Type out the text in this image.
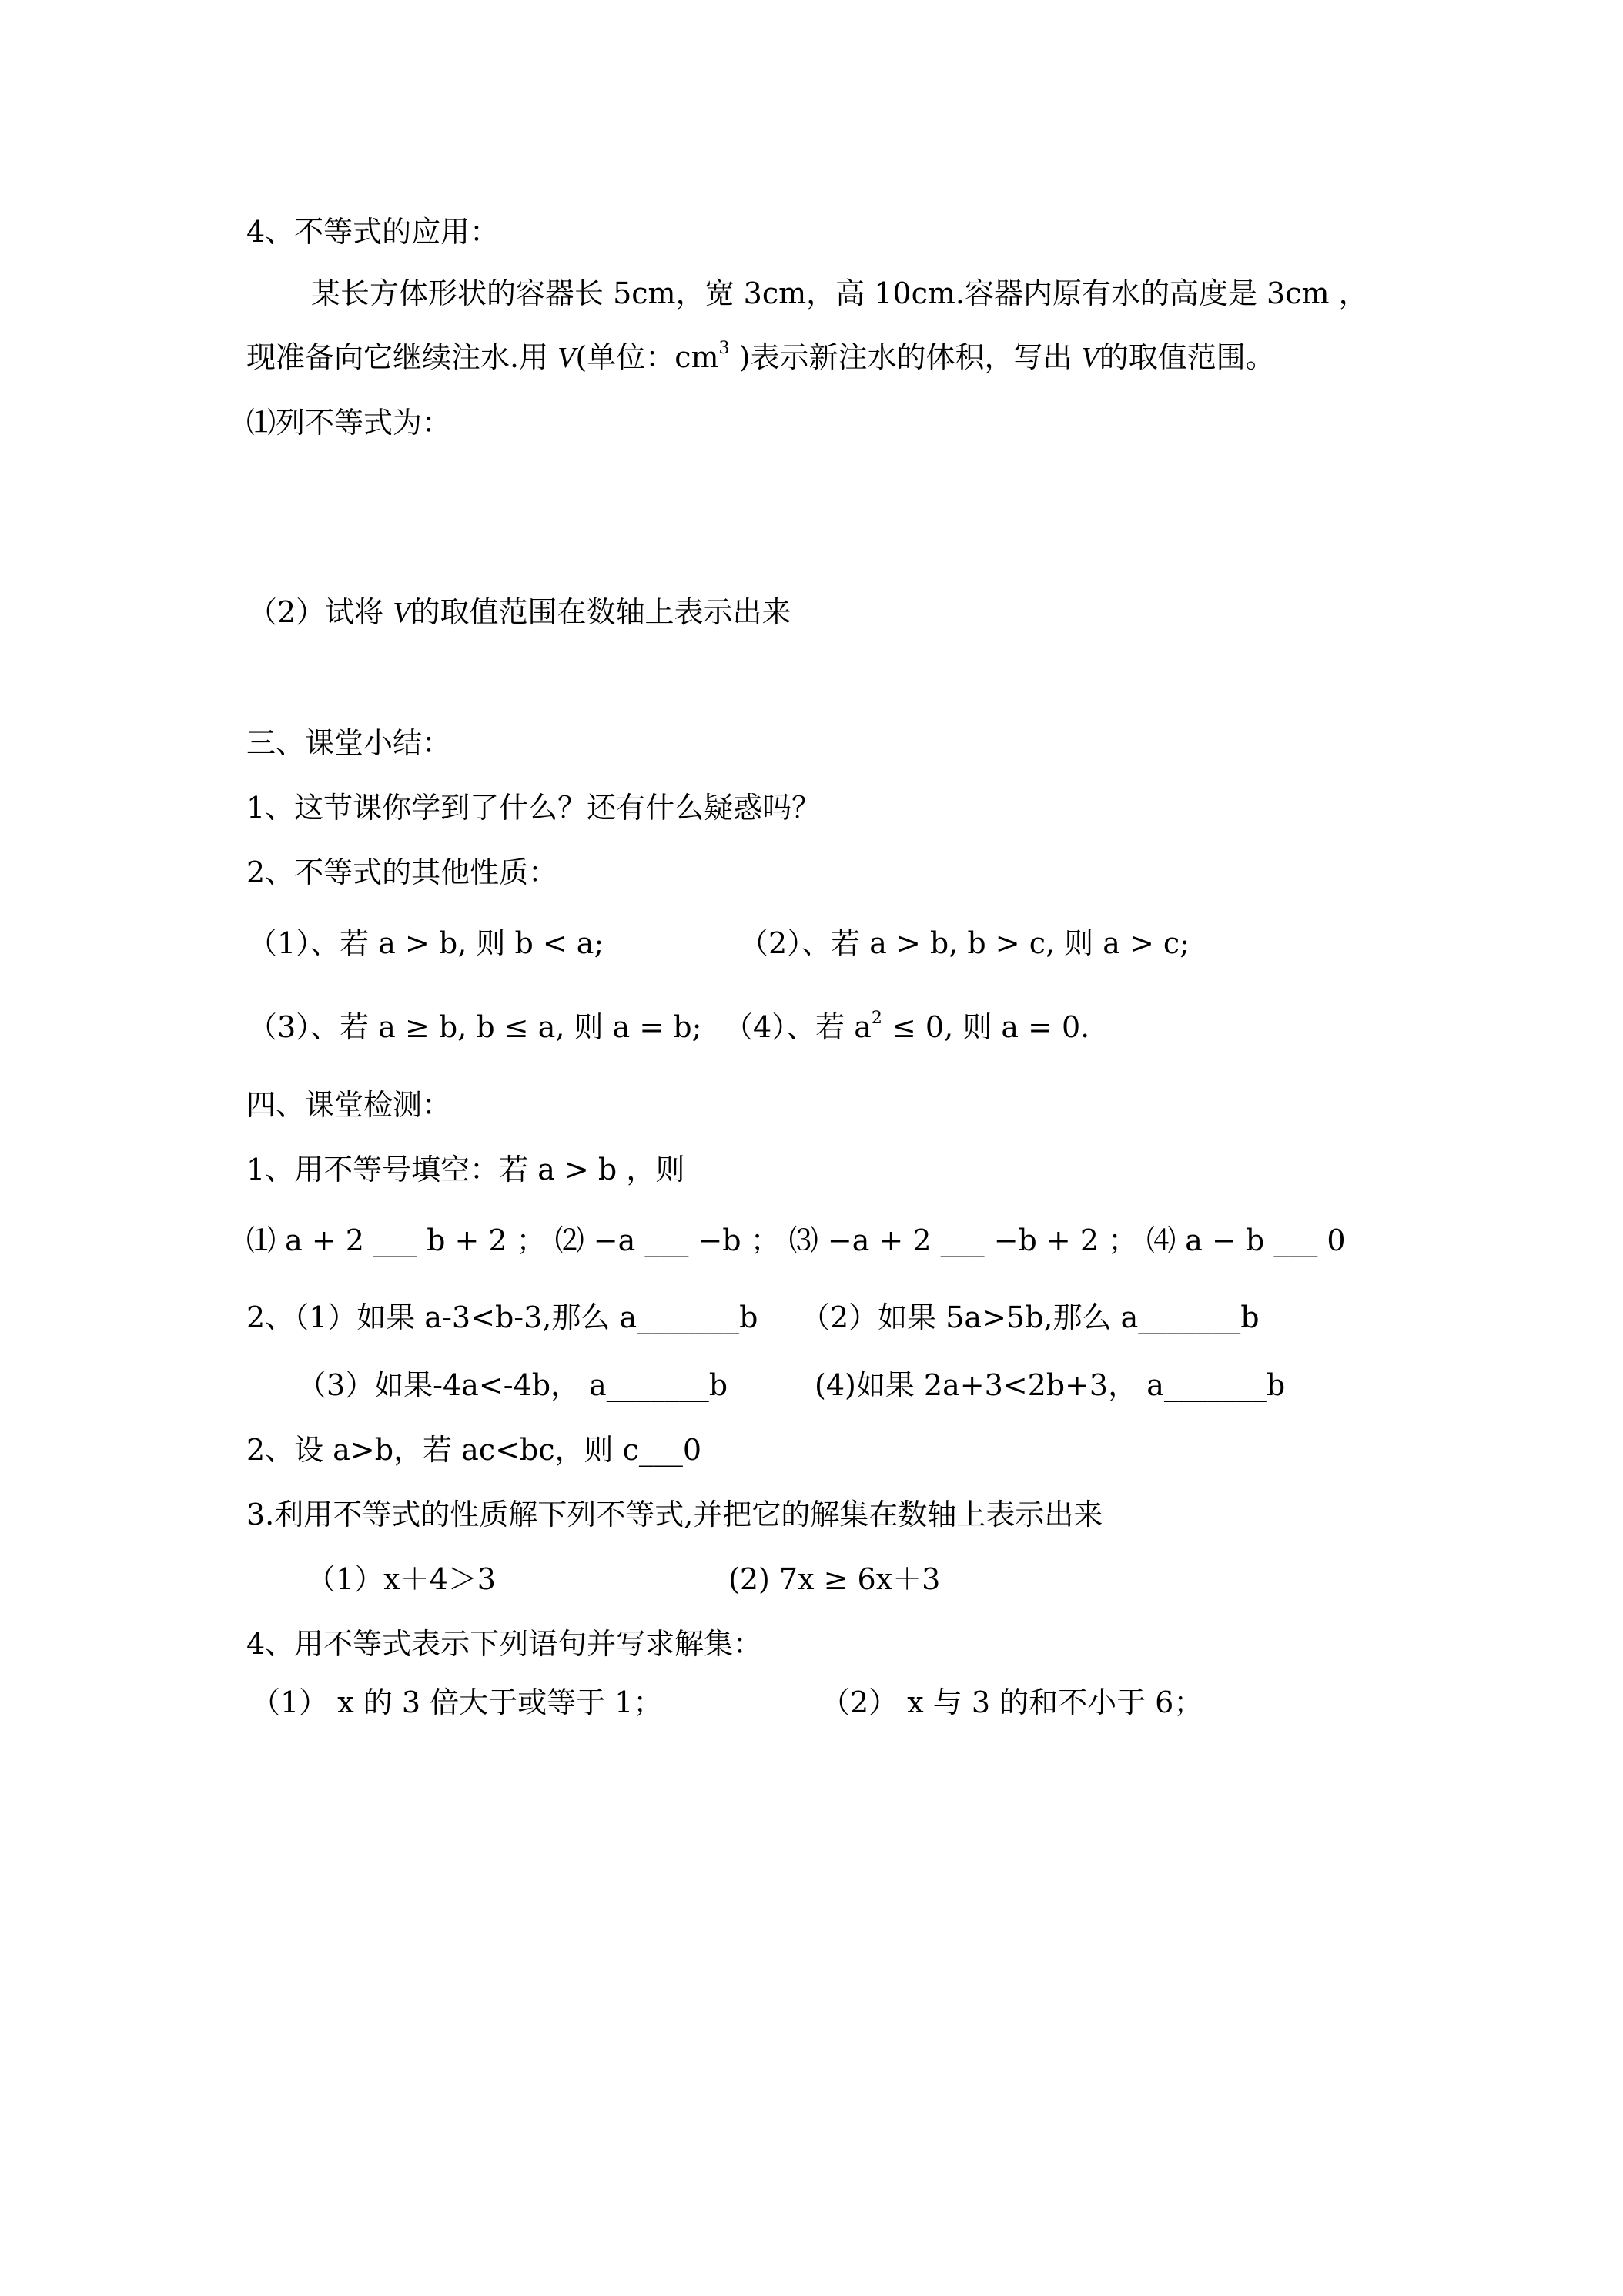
4、不等式的应用：
某长方体形状的容器长 5cm，宽 3cm，高 10cm.容器内原有水的高度是 3cm ，
现准备向它继续注水.用 V(单位：$cm^3$ )表示新注水的体积，写出 V的取值范围。
⑴列不等式为：
（2）试将 V的取值范围在数轴上表示出来
三、课堂小结：
1、这节课你学到了什么？还有什么疑惑吗？
2、不等式的其他性质：
（1）、若 a > b, 则 b < a;	（2）、若 a > b, b > c, 则 a > c;
（3）、若 a ≥ b, b ≤ a, 则 a = b; （4）、若 $a^2 \le 0$, 则 a = 0.
四、课堂检测：
1、用不等号填空：若 a > b ，则
⑴ a + 2 ___ b + 2 ； ⑵ −a ___ −b ； ⑶ −a + 2 ___ −b + 2 ； ⑷ a − b ___ 0
2、（1）如果 a-3<b-3,那么 a_______b （2）如果 5a>5b,那么 a_______b
（3）如果-4a<-4b， a_______b	(4)如果 2a+3<2b+3， a_______b
2、设 a>b，若 ac<bc，则 c___0
3.利用不等式的性质解下列不等式,并把它的解集在数轴上表示出来
（1）x＋4＞3	(2) 7x ≥ 6x＋3
4、用不等式表示下列语句并写求解集：
（1） x 的 3 倍大于或等于 1；	（2） x 与 3 的和不小于 6；
